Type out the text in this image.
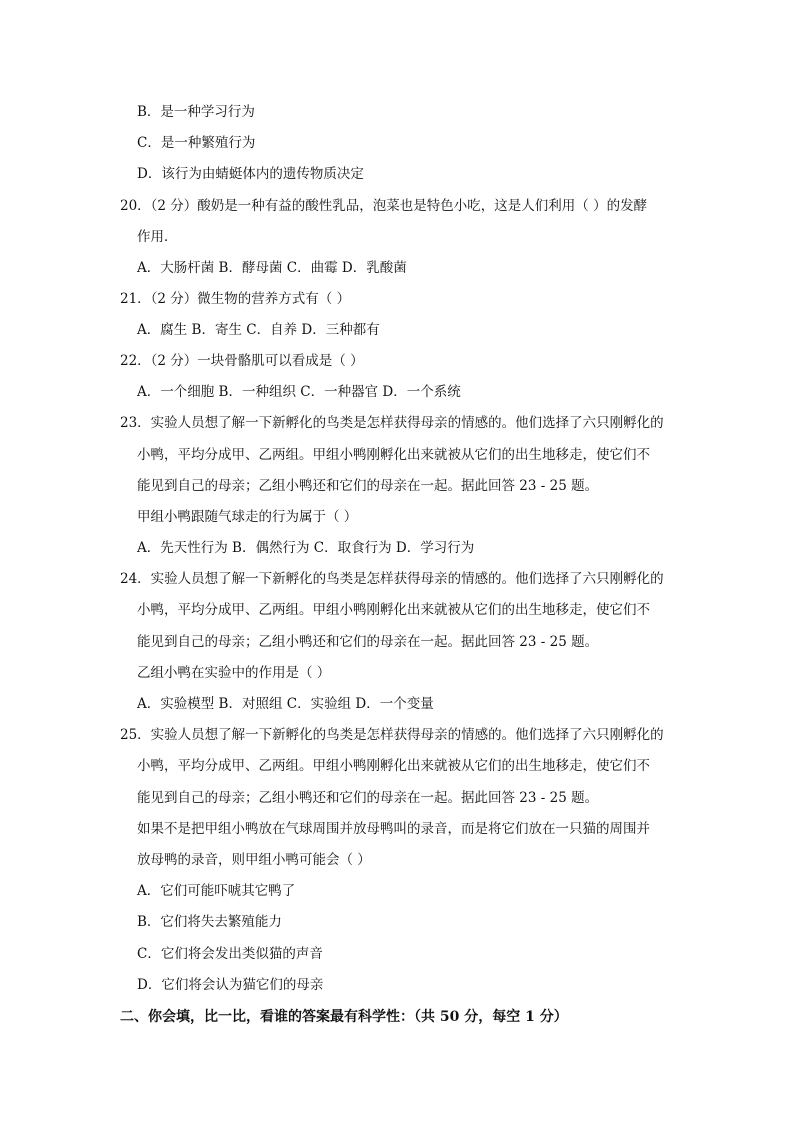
B．是一种学习行为
C．是一种繁殖行为
D．该行为由蜻蜓体内的遗传物质决定
20．（2 分）酸奶是一种有益的酸性乳品，泡菜也是特色小吃，这是人们利用（ ）的发酵
作用．
A．大肠杆菌 B．酵母菌 C．曲霉 D．乳酸菌
21．（2 分）微生物的营养方式有（ ）
A．腐生 B．寄生 C．自养 D．三种都有
22．（2 分）一块骨骼肌可以看成是（ ）
A．一个细胞 B．一种组织 C．一种器官 D．一个系统
23．实验人员想了解一下新孵化的鸟类是怎样获得母亲的情感的。他们选择了六只刚孵化的
小鸭，平均分成甲、乙两组。甲组小鸭刚孵化出来就被从它们的出生地移走，使它们不
能见到自己的母亲；乙组小鸭还和它们的母亲在一起。据此回答 23 - 25 题。
甲组小鸭跟随气球走的行为属于（ ）
A．先天性行为 B．偶然行为 C．取食行为 D．学习行为
24．实验人员想了解一下新孵化的鸟类是怎样获得母亲的情感的。他们选择了六只刚孵化的
小鸭，平均分成甲、乙两组。甲组小鸭刚孵化出来就被从它们的出生地移走，使它们不
能见到自己的母亲；乙组小鸭还和它们的母亲在一起。据此回答 23 - 25 题。
乙组小鸭在实验中的作用是（ ）
A．实验模型 B．对照组 C．实验组 D．一个变量
25．实验人员想了解一下新孵化的鸟类是怎样获得母亲的情感的。他们选择了六只刚孵化的
小鸭，平均分成甲、乙两组。甲组小鸭刚孵化出来就被从它们的出生地移走，使它们不
能见到自己的母亲；乙组小鸭还和它们的母亲在一起。据此回答 23 - 25 题。
如果不是把甲组小鸭放在气球周围并放母鸭叫的录音，而是将它们放在一只猫的周围并
放母鸭的录音，则甲组小鸭可能会（ ）
A．它们可能吓唬其它鸭了
B．它们将失去繁殖能力
C．它们将会发出类似猫的声音
D．它们将会认为猫它们的母亲
二、你会填，比一比，看谁的答案最有科学性：（共 50 分，每空 1 分）
